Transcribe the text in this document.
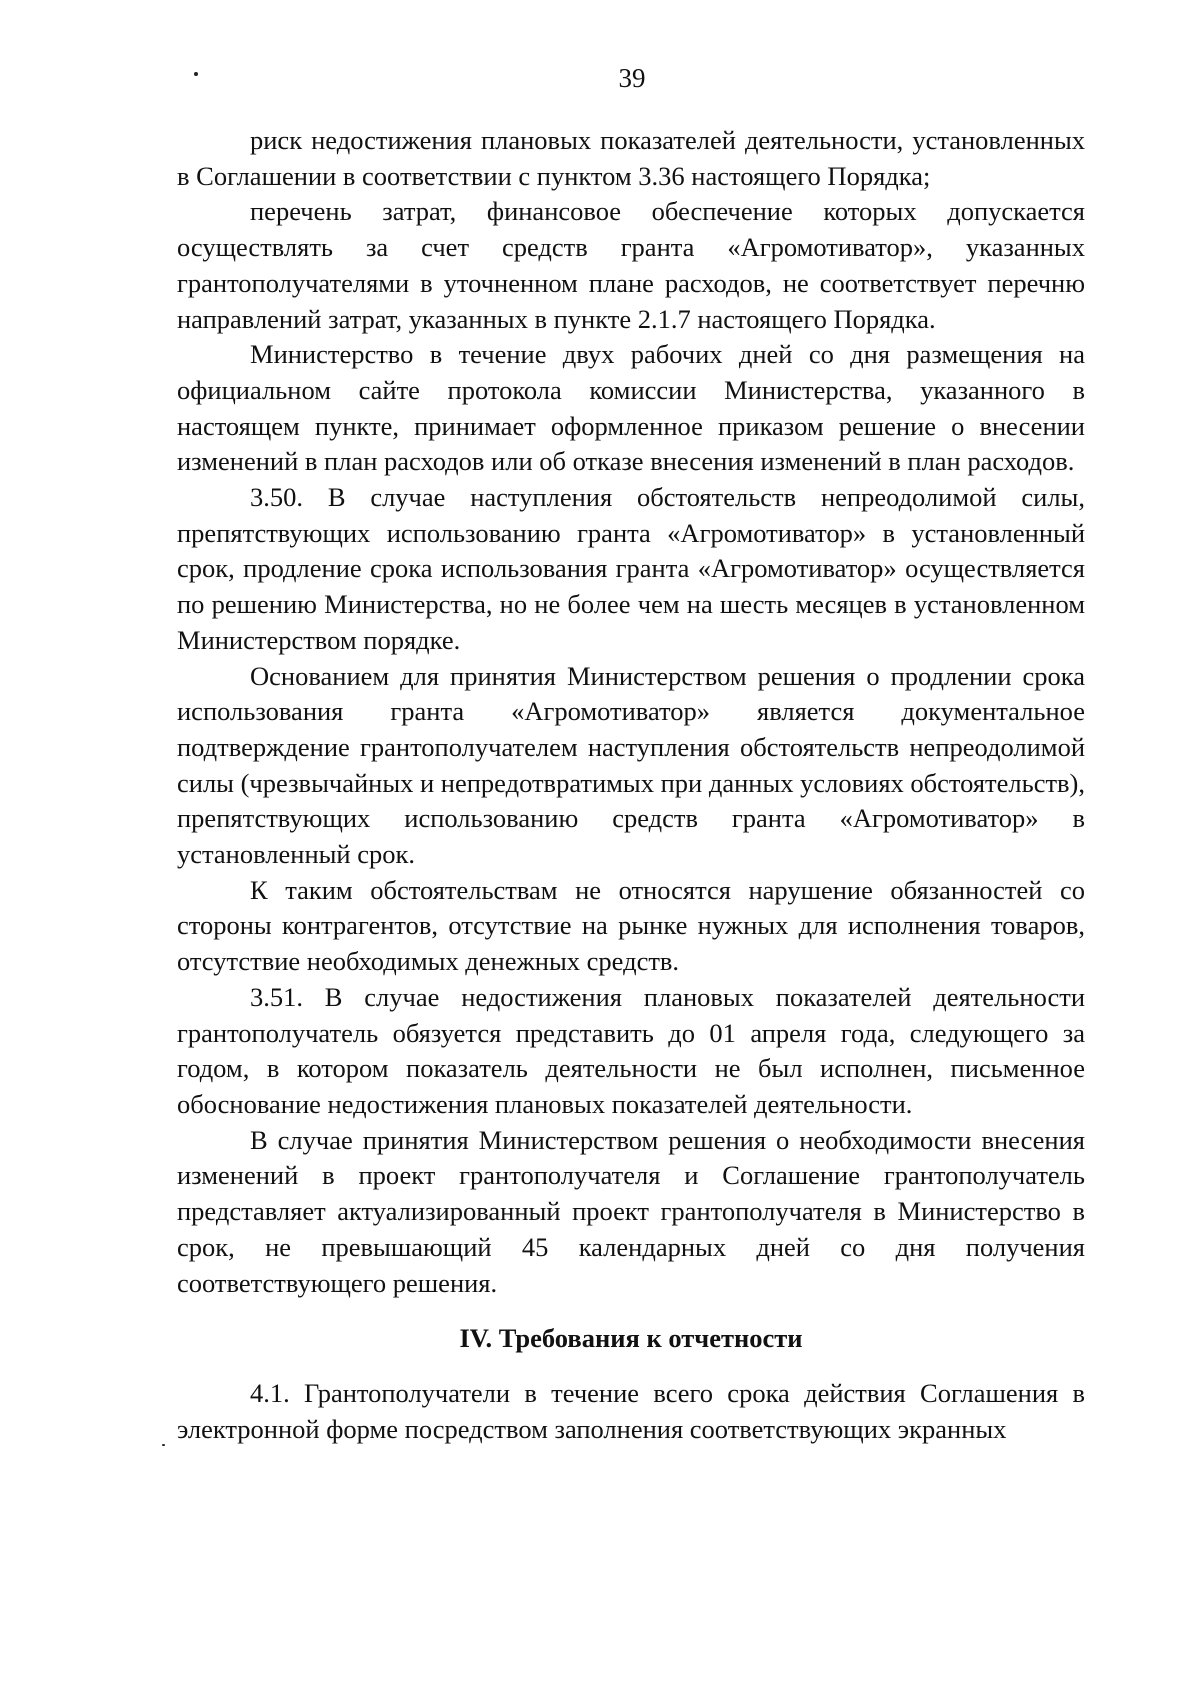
39

риск недостижения плановых показателей деятельности, установленных в Соглашении в соответствии с пунктом 3.36 настоящего Порядка;

перечень затрат, финансовое обеспечение которых допускается осуществлять за счет средств гранта «Агромотиватор», указанных грантополучателями в уточненном плане расходов, не соответствует перечню направлений затрат, указанных в пункте 2.1.7 настоящего Порядка.

Министерство в течение двух рабочих дней со дня размещения на официальном сайте протокола комиссии Министерства, указанного в настоящем пункте, принимает оформленное приказом решение о внесении изменений в план расходов или об отказе внесения изменений в план расходов.

3.50. В случае наступления обстоятельств непреодолимой силы, препятствующих использованию гранта «Агромотиватор» в установленный срок, продление срока использования гранта «Агромотиватор» осуществляется по решению Министерства, но не более чем на шесть месяцев в установленном Министерством порядке.

Основанием для принятия Министерством решения о продлении срока использования гранта «Агромотиватор» является документальное подтверждение грантополучателем наступления обстоятельств непреодолимой силы (чрезвычайных и непредотвратимых при данных условиях обстоятельств), препятствующих использованию средств гранта «Агромотиватор» в установленный срок.

К таким обстоятельствам не относятся нарушение обязанностей со стороны контрагентов, отсутствие на рынке нужных для исполнения товаров, отсутствие необходимых денежных средств.

3.51. В случае недостижения плановых показателей деятельности грантополучатель обязуется представить до 01 апреля года, следующего за годом, в котором показатель деятельности не был исполнен, письменное обоснование недостижения плановых показателей деятельности.

В случае принятия Министерством решения о необходимости внесения изменений в проект грантополучателя и Соглашение грантополучатель представляет актуализированный проект грантополучателя в Министерство в срок, не превышающий 45 календарных дней со дня получения соответствующего решения.

IV. Требования к отчетности

4.1. Грантополучатели в течение всего срока действия Соглашения в электронной форме посредством заполнения соответствующих экранных
